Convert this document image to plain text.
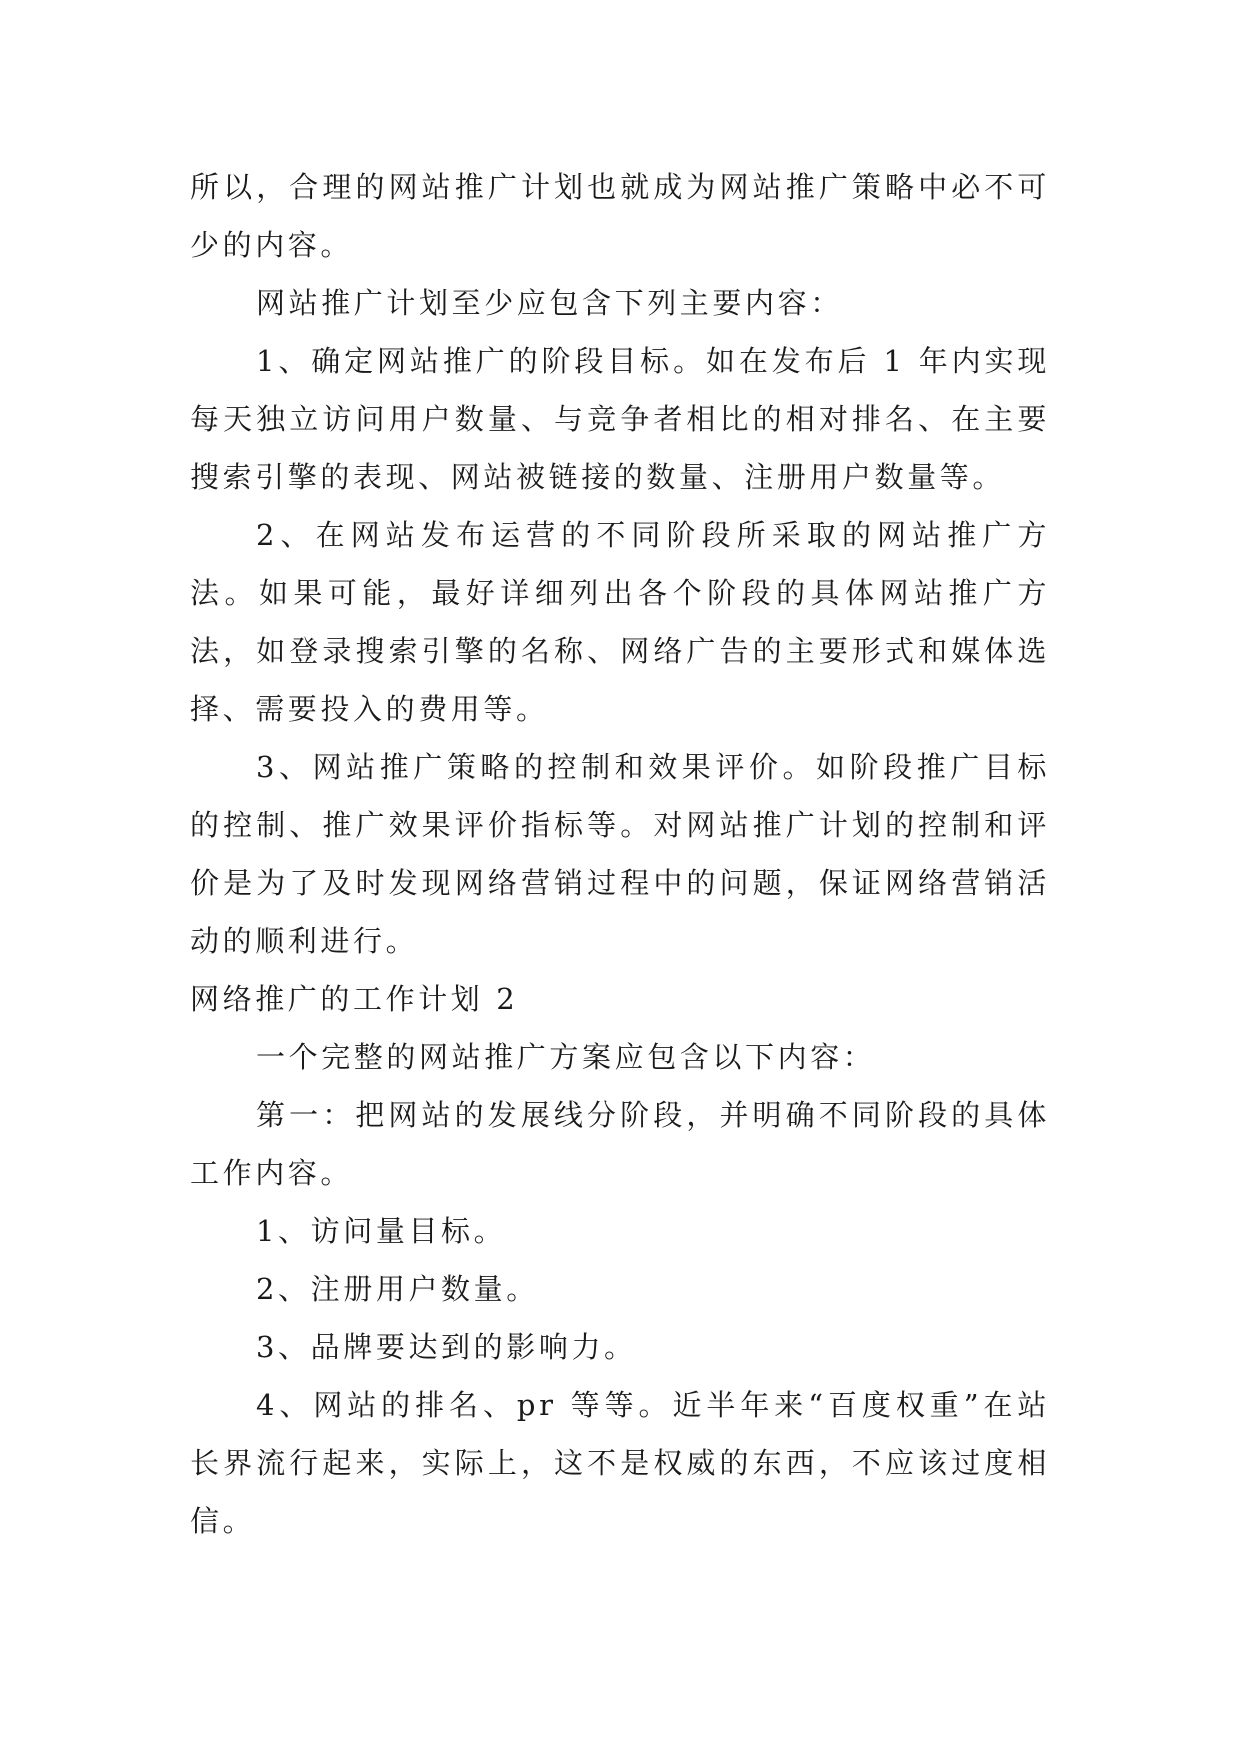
所以，合理的网站推广计划也就成为网站推广策略中必不可少的内容。

网站推广计划至少应包含下列主要内容：

1、确定网站推广的阶段目标。如在发布后 1 年内实现每天独立访问用户数量、与竞争者相比的相对排名、在主要搜索引擎的表现、网站被链接的数量、注册用户数量等。

2、在网站发布运营的不同阶段所采取的网站推广方法。如果可能，最好详细列出各个阶段的具体网站推广方法，如登录搜索引擎的名称、网络广告的主要形式和媒体选择、需要投入的费用等。

3、网站推广策略的控制和效果评价。如阶段推广目标的控制、推广效果评价指标等。对网站推广计划的控制和评价是为了及时发现网络营销过程中的问题，保证网络营销活动的顺利进行。

网络推广的工作计划 2

一个完整的网站推广方案应包含以下内容：

第一：把网站的发展线分阶段，并明确不同阶段的具体工作内容。

1、访问量目标。

2、注册用户数量。

3、品牌要达到的影响力。

4、网站的排名、pr 等等。近半年来“百度权重”在站长界流行起来，实际上，这不是权威的东西，不应该过度相信。
